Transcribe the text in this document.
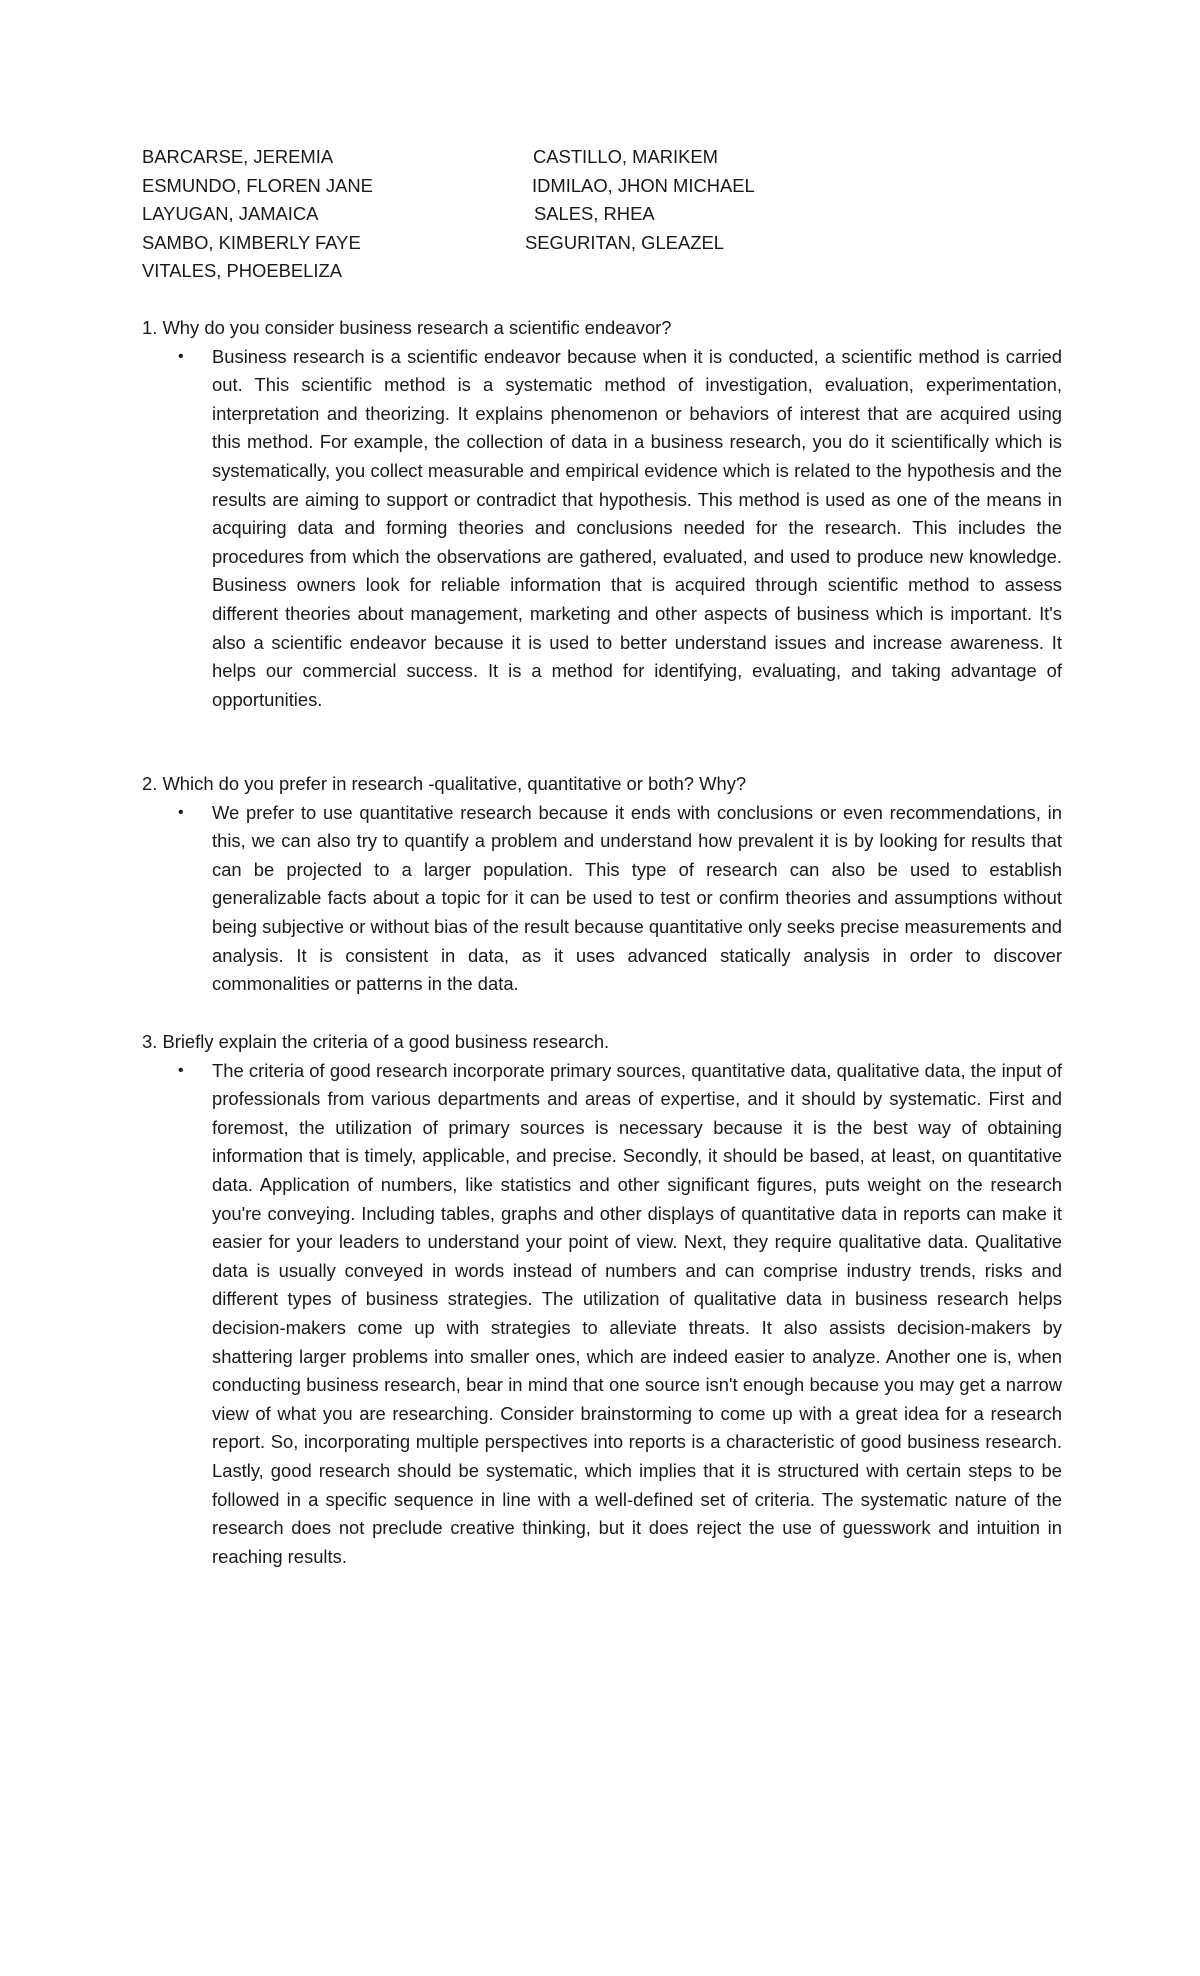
BARCARSE, JEREMIA	CASTILLO, MARIKEM
ESMUNDO, FLOREN JANE	IDMILAO, JHON MICHAEL
LAYUGAN, JAMAICA	SALES, RHEA
SAMBO, KIMBERLY FAYE	SEGURITAN, GLEAZEL
VITALES, PHOEBELIZA
1. Why do you consider business research a scientific endeavor?
• Business research is a scientific endeavor because when it is conducted, a scientific method is carried out. This scientific method is a systematic method of investigation, evaluation, experimentation, interpretation and theorizing. It explains phenomenon or behaviors of interest that are acquired using this method. For example, the collection of data in a business research, you do it scientifically which is systematically, you collect measurable and empirical evidence which is related to the hypothesis and the results are aiming to support or contradict that hypothesis. This method is used as one of the means in acquiring data and forming theories and conclusions needed for the research. This includes the procedures from which the observations are gathered, evaluated, and used to produce new knowledge. Business owners look for reliable information that is acquired through scientific method to assess different theories about management, marketing and other aspects of business which is important. It's also a scientific endeavor because it is used to better understand issues and increase awareness. It helps our commercial success. It is a method for identifying, evaluating, and taking advantage of opportunities.
2. Which do you prefer in research -qualitative, quantitative or both? Why?
• We prefer to use quantitative research because it ends with conclusions or even recommendations, in this, we can also try to quantify a problem and understand how prevalent it is by looking for results that can be projected to a larger population. This type of research can also be used to establish generalizable facts about a topic for it can be used to test or confirm theories and assumptions without being subjective or without bias of the result because quantitative only seeks precise measurements and analysis. It is consistent in data, as it uses advanced statically analysis in order to discover commonalities or patterns in the data.
3. Briefly explain the criteria of a good business research.
• The criteria of good research incorporate primary sources, quantitative data, qualitative data, the input of professionals from various departments and areas of expertise, and it should by systematic. First and foremost, the utilization of primary sources is necessary because it is the best way of obtaining information that is timely, applicable, and precise. Secondly, it should be based, at least, on quantitative data. Application of numbers, like statistics and other significant figures, puts weight on the research you're conveying. Including tables, graphs and other displays of quantitative data in reports can make it easier for your leaders to understand your point of view. Next, they require qualitative data. Qualitative data is usually conveyed in words instead of numbers and can comprise industry trends, risks and different types of business strategies. The utilization of qualitative data in business research helps decision-makers come up with strategies to alleviate threats. It also assists decision-makers by shattering larger problems into smaller ones, which are indeed easier to analyze. Another one is, when conducting business research, bear in mind that one source isn't enough because you may get a narrow view of what you are researching. Consider brainstorming to come up with a great idea for a research report. So, incorporating multiple perspectives into reports is a characteristic of good business research. Lastly, good research should be systematic, which implies that it is structured with certain steps to be followed in a specific sequence in line with a well-defined set of criteria. The systematic nature of the research does not preclude creative thinking, but it does reject the use of guesswork and intuition in reaching results.
